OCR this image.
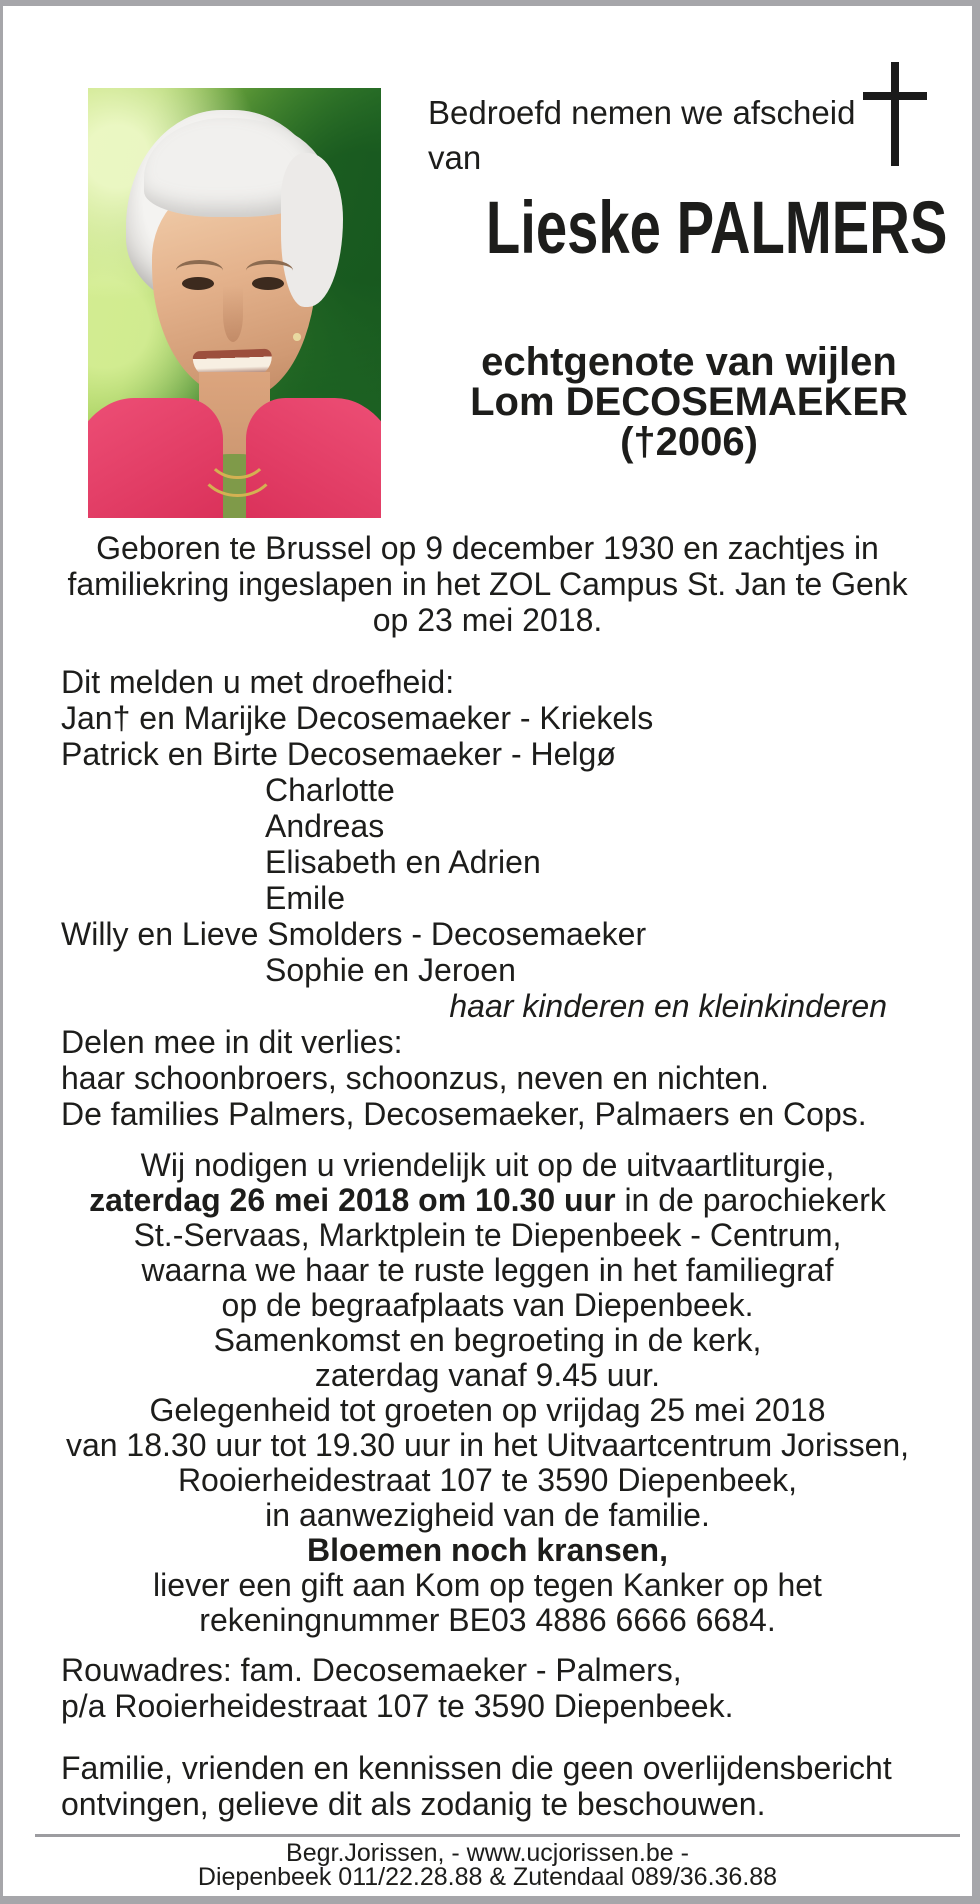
Bedroefd nemen we afscheid
van
Lieske PALMERS
echtgenote van wijlen
Lom DECOSEMAEKER
(†2006)
Geboren te Brussel op 9 december 1930 en zachtjes in
familiekring ingeslapen in het ZOL Campus St. Jan te Genk
op 23 mei 2018.
Dit melden u met droefheid:
Jan† en Marijke Decosemaeker - Kriekels
Patrick en Birte Decosemaeker - Helgø
Charlotte
Andreas
Elisabeth en Adrien
Emile
Willy en Lieve Smolders - Decosemaeker
Sophie en Jeroen
haar kinderen en kleinkinderen
Delen mee in dit verlies:
haar schoonbroers, schoonzus, neven en nichten.
De families Palmers, Decosemaeker, Palmaers en Cops.
Wij nodigen u vriendelijk uit op de uitvaartliturgie,
zaterdag 26 mei 2018 om 10.30 uur in de parochiekerk
St.-Servaas, Marktplein te Diepenbeek - Centrum,
waarna we haar te ruste leggen in het familiegraf
op de begraafplaats van Diepenbeek.
Samenkomst en begroeting in de kerk,
zaterdag vanaf 9.45 uur.
Gelegenheid tot groeten op vrijdag 25 mei 2018
van 18.30 uur tot 19.30 uur in het Uitvaartcentrum Jorissen,
Rooierheidestraat 107 te 3590 Diepenbeek,
in aanwezigheid van de familie.
Bloemen noch kransen,
liever een gift aan Kom op tegen Kanker op het
rekeningnummer BE03 4886 6666 6684.
Rouwadres: fam. Decosemaeker - Palmers,
p/a Rooierheidestraat 107 te 3590 Diepenbeek.
Familie, vrienden en kennissen die geen overlijdensbericht
ontvingen, gelieve dit als zodanig te beschouwen.
Begr.Jorissen, - www.ucjorissen.be -
Diepenbeek 011/22.28.88 & Zutendaal 089/36.36.88
